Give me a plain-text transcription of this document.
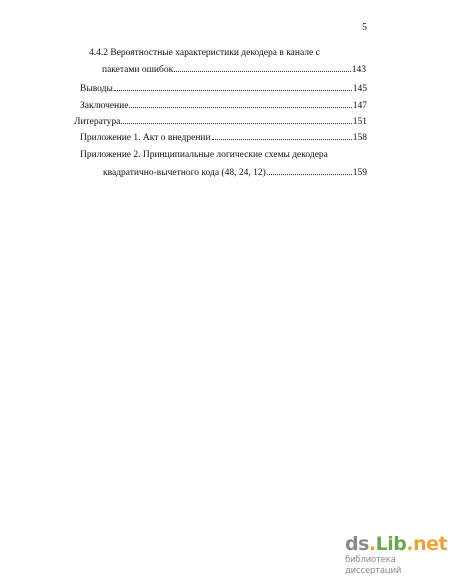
5
4.4.2 Вероятностные характеристики декодера в канале с
пакетами ошибок	143
Выводы	145
Заключение	147
Литература	151
Приложение 1. Акт о внедрении	158
Приложение 2. Принципиальные логические схемы декодера
квадратично-вычетного кода (48, 24, 12)	159
ds.Lib.net
библиотека диссертаций
